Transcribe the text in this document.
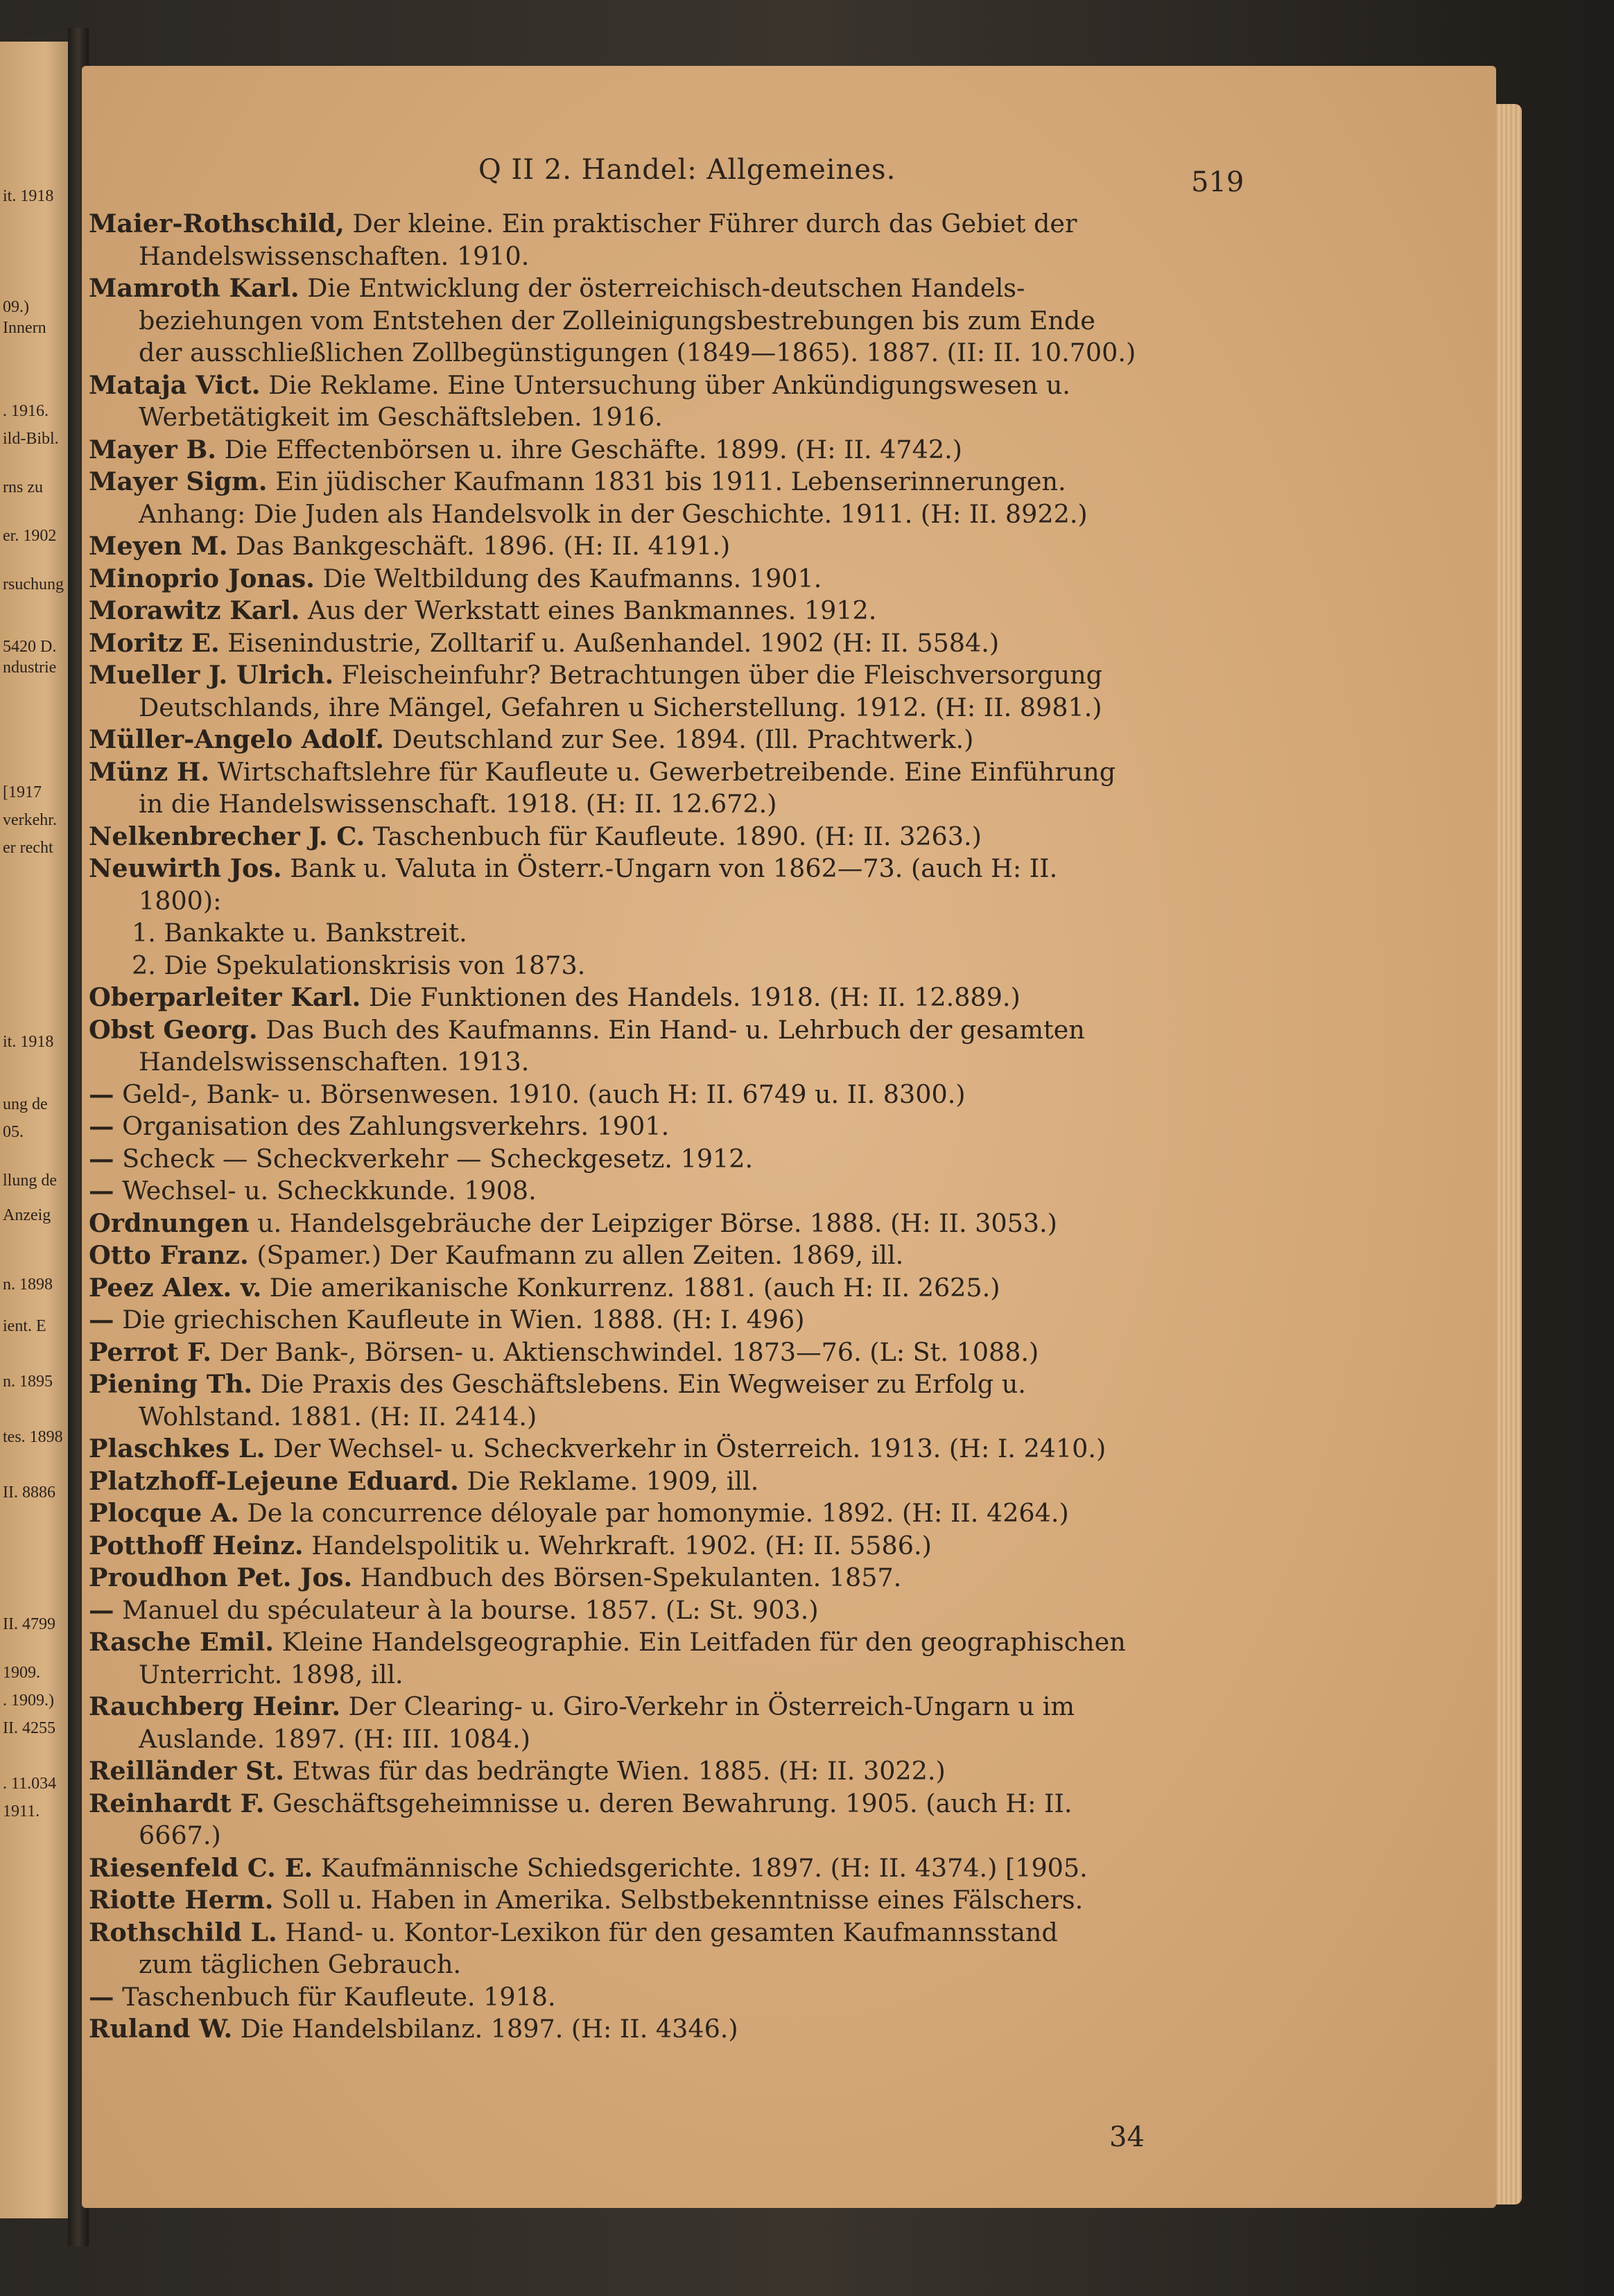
it. 1918
09.)
Innern
. 1916.
ild-Bibl.
rns zu
er. 1902
rsuchung
5420 D.
ndustrie
[1917
verkehr.
er recht
it. 1918
ung de
05.
llung de
Anzeig
n. 1898
ient. E
n. 1895
tes. 1898
II. 8886
II. 4799
1909.
. 1909.)
II. 4255
. 11.034
1911.
Q II 2. Handel: Allgemeines.	519
Maier-Rothschild, Der kleine. Ein praktischer Führer durch das Gebiet der
Handelswissenschaften. 1910.
Mamroth Karl. Die Entwicklung der österreichisch-deutschen Handels-
beziehungen vom Entstehen der Zolleinigungsbestrebungen bis zum Ende
der ausschließlichen Zollbegünstigungen (1849—1865). 1887. (II: II. 10.700.)
Mataja Vict. Die Reklame. Eine Untersuchung über Ankündigungswesen u.
Werbetätigkeit im Geschäftsleben. 1916.
Mayer B. Die Effectenbörsen u. ihre Geschäfte. 1899. (H: II. 4742.)
Mayer Sigm. Ein jüdischer Kaufmann 1831 bis 1911. Lebenserinnerungen.
Anhang: Die Juden als Handelsvolk in der Geschichte. 1911. (H: II. 8922.)
Meyen M. Das Bankgeschäft. 1896. (H: II. 4191.)
Minoprio Jonas. Die Weltbildung des Kaufmanns. 1901.
Morawitz Karl. Aus der Werkstatt eines Bankmannes. 1912.
Moritz E. Eisenindustrie, Zolltarif u. Außenhandel. 1902 (H: II. 5584.)
Mueller J. Ulrich. Fleischeinfuhr? Betrachtungen über die Fleischversorgung
Deutschlands, ihre Mängel, Gefahren u Sicherstellung. 1912. (H: II. 8981.)
Müller-Angelo Adolf. Deutschland zur See. 1894. (Ill. Prachtwerk.)
Münz H. Wirtschaftslehre für Kaufleute u. Gewerbetreibende. Eine Einführung
in die Handelswissenschaft. 1918. (H: II. 12.672.)
Nelkenbrecher J. C. Taschenbuch für Kaufleute. 1890. (H: II. 3263.)
Neuwirth Jos. Bank u. Valuta in Österr.-Ungarn von 1862—73. (auch H: II.
1800):
1. Bankakte u. Bankstreit.
2. Die Spekulationskrisis von 1873.
Oberparleiter Karl. Die Funktionen des Handels. 1918. (H: II. 12.889.)
Obst Georg. Das Buch des Kaufmanns. Ein Hand- u. Lehrbuch der gesamten
Handelswissenschaften. 1913.
— Geld-, Bank- u. Börsenwesen. 1910. (auch H: II. 6749 u. II. 8300.)
— Organisation des Zahlungsverkehrs. 1901.
— Scheck — Scheckverkehr — Scheckgesetz. 1912.
— Wechsel- u. Scheckkunde. 1908.
Ordnungen u. Handelsgebräuche der Leipziger Börse. 1888. (H: II. 3053.)
Otto Franz. (Spamer.) Der Kaufmann zu allen Zeiten. 1869, ill.
Peez Alex. v. Die amerikanische Konkurrenz. 1881. (auch H: II. 2625.)
— Die griechischen Kaufleute in Wien. 1888. (H: I. 496)
Perrot F. Der Bank-, Börsen- u. Aktienschwindel. 1873—76. (L: St. 1088.)
Piening Th. Die Praxis des Geschäftslebens. Ein Wegweiser zu Erfolg u.
Wohlstand. 1881. (H: II. 2414.)
Plaschkes L. Der Wechsel- u. Scheckverkehr in Österreich. 1913. (H: I. 2410.)
Platzhoff-Lejeune Eduard. Die Reklame. 1909, ill.
Plocque A. De la concurrence déloyale par homonymie. 1892. (H: II. 4264.)
Potthoff Heinz. Handelspolitik u. Wehrkraft. 1902. (H: II. 5586.)
Proudhon Pet. Jos. Handbuch des Börsen-Spekulanten. 1857.
— Manuel du spéculateur à la bourse. 1857. (L: St. 903.)
Rasche Emil. Kleine Handelsgeographie. Ein Leitfaden für den geographischen
Unterricht. 1898, ill.
Rauchberg Heinr. Der Clearing- u. Giro-Verkehr in Österreich-Ungarn u im
Auslande. 1897. (H: III. 1084.)
Reilländer St. Etwas für das bedrängte Wien. 1885. (H: II. 3022.)
Reinhardt F. Geschäftsgeheimnisse u. deren Bewahrung. 1905. (auch H: II.
6667.)
Riesenfeld C. E. Kaufmännische Schiedsgerichte. 1897. (H: II. 4374.) [1905.
Riotte Herm. Soll u. Haben in Amerika. Selbstbekenntnisse eines Fälschers.
Rothschild L. Hand- u. Kontor-Lexikon für den gesamten Kaufmannsstand
zum täglichen Gebrauch.
— Taschenbuch für Kaufleute. 1918.
Ruland W. Die Handelsbilanz. 1897. (H: II. 4346.)
34
